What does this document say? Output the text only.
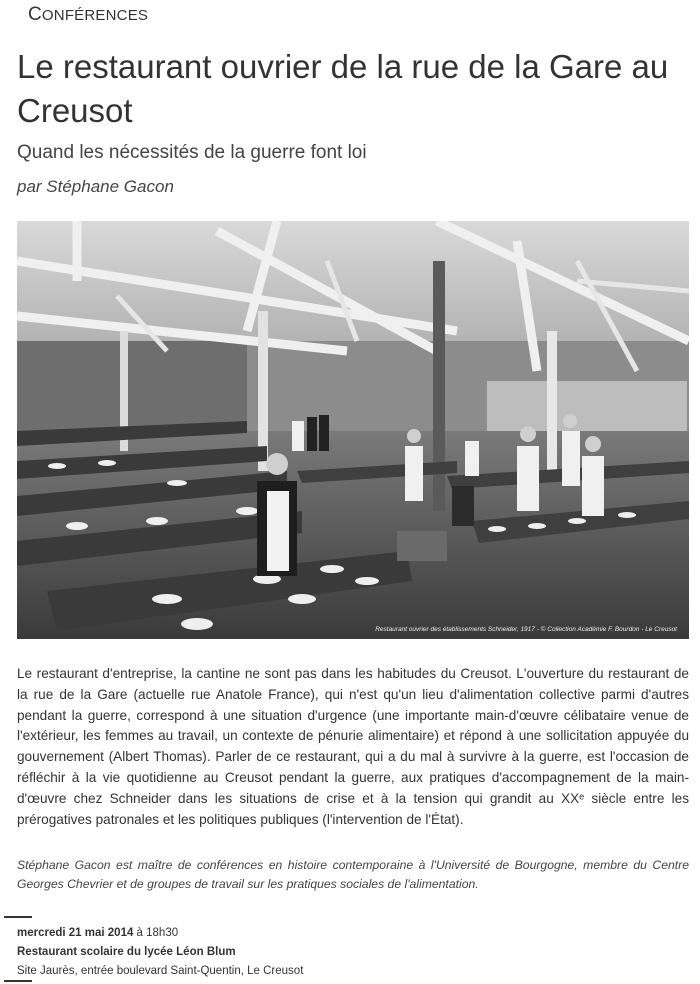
CONFÉRENCES
Le restaurant ouvrier de la rue de la Gare au Creusot

Quand les nécessités de la guerre font loi

par Stéphane Gacon

Restaurant ouvrier des établissements Schneider, 1917 - © Collection Académie F. Bourdon - Le Creusot

Le restaurant d'entreprise, la cantine ne sont pas dans les habitudes du Creusot. L'ouverture du restaurant de la rue de la Gare (actuelle rue Anatole France), qui n'est qu'un lieu d'alimentation collective parmi d'autres pendant la guerre, correspond à une situation d'urgence (une importante main-d'œuvre célibataire venue de l'extérieur, les femmes au travail, un contexte de pénurie alimentaire) et répond à une sollicitation appuyée du gouvernement (Albert Thomas). Parler de ce restaurant, qui a du mal à survivre à la guerre, est l'occasion de réfléchir à la vie quotidienne au Creusot pendant la guerre, aux pratiques d'accompagnement de la main-d'œuvre chez Schneider dans les situations de crise et à la tension qui grandit au XXᵉ siècle entre les prérogatives patronales et les politiques publiques (l'intervention de l'État).

Stéphane Gacon est maître de conférences en histoire contemporaine à l'Université de Bourgogne, membre du Centre Georges Chevrier et de groupes de travail sur les pratiques sociales de l'alimentation.

mercredi 21 mai 2014 à 18h30
Restaurant scolaire du lycée Léon Blum
Site Jaurès, entrée boulevard Saint-Quentin, Le Creusot
